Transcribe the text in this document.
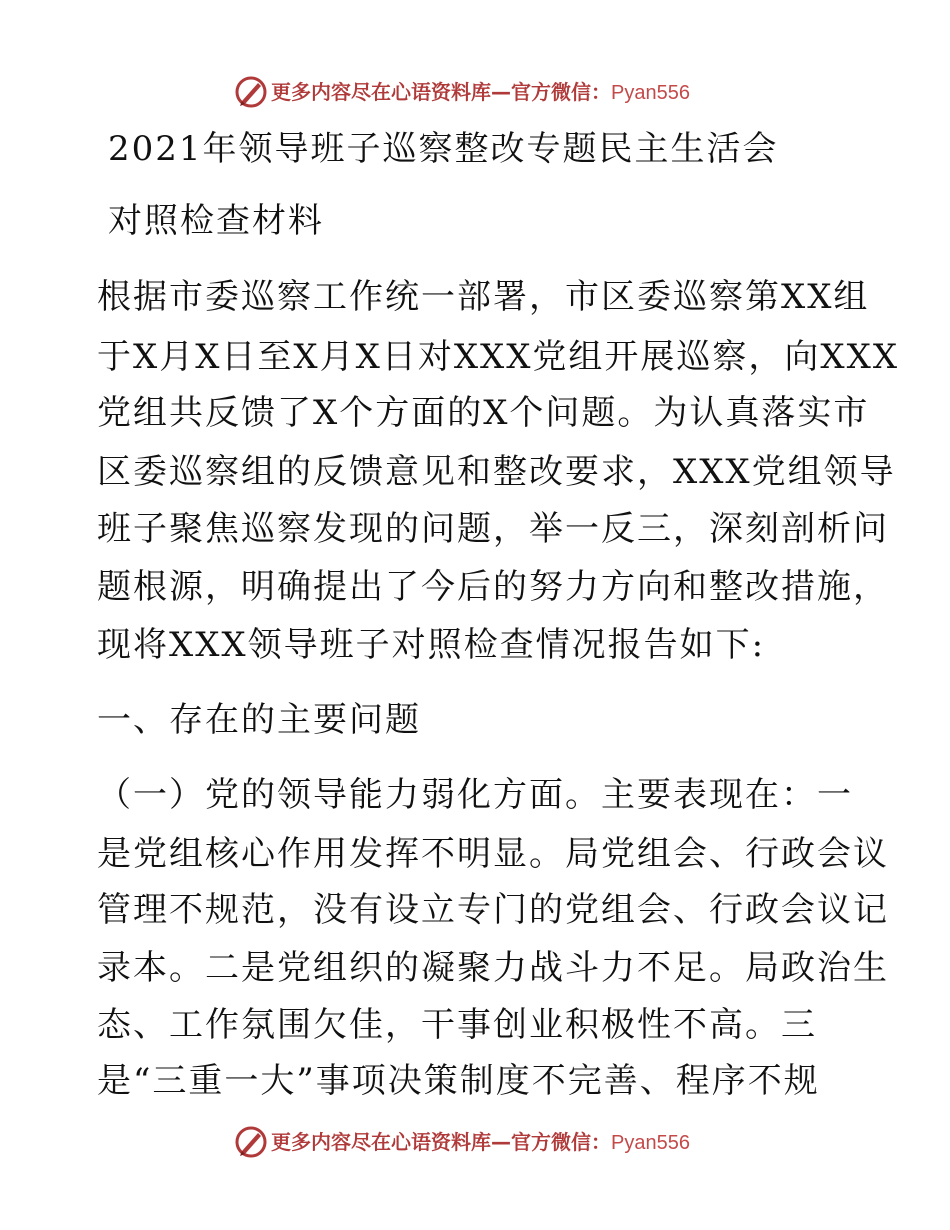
更多内容尽在心语资料库—官方微信：Pyan556
2021年领导班子巡察整改专题民主生活会
对照检查材料
根据市委巡察工作统一部署，市区委巡察第XX组
于X月X日至X月X日对XXX党组开展巡察，向XXX
党组共反馈了X个方面的X个问题。为认真落实市
区委巡察组的反馈意见和整改要求，XXX党组领导
班子聚焦巡察发现的问题，举一反三，深刻剖析问
题根源，明确提出了今后的努力方向和整改措施，
现将XXX领导班子对照检查情况报告如下:
一、存在的主要问题
（一）党的领导能力弱化方面。主要表现在：一
是党组核心作用发挥不明显。局党组会、行政会议
管理不规范，没有设立专门的党组会、行政会议记
录本。二是党组织的凝聚力战斗力不足。局政治生
态、工作氛围欠佳，干事创业积极性不高。三
是“三重一大”事项决策制度不完善、程序不规
更多内容尽在心语资料库—官方微信：Pyan556
